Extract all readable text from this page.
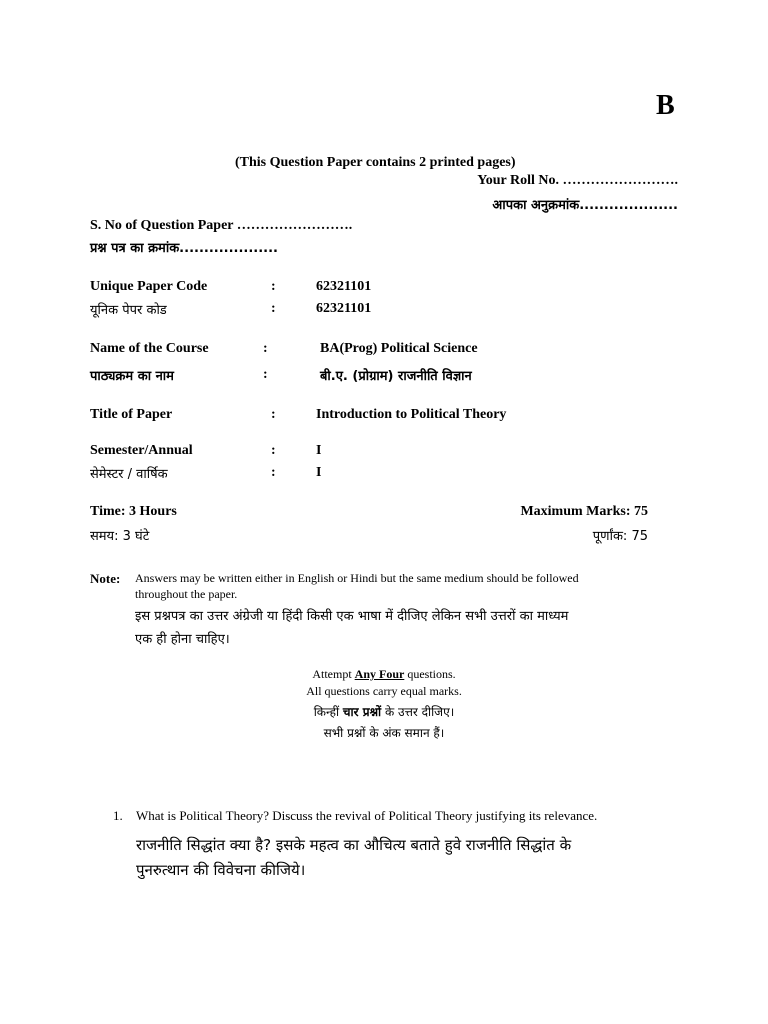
B
(This Question Paper contains 2 printed pages)
Your Roll No. …………………….
आपका अनुक्रमांक....................
S. No of Question Paper …………………….
प्रश्न पत्र का क्रमांक....................
Unique Paper Code	:	62321101
यूनिक पेपर कोड	:	62321101
Name of the Course	:	BA(Prog) Political Science
पाठ्यक्रम का नाम	:	बी.ए. (प्रोग्राम) राजनीति विज्ञान
Title of Paper	:	Introduction to Political Theory
Semester/Annual	:	I
सेमेस्टर / वार्षिक	:	I
Time: 3 Hours	Maximum Marks: 75
समय: 3 घंटे	पूर्णांक: 75
Note: Answers may be written either in English or Hindi but the same medium should be followed
throughout the paper.
इस प्रश्नपत्र का उत्तर अंग्रेजी या हिंदी किसी एक भाषा में दीजिए लेकिन सभी उत्तरों का माध्यम
एक ही होना चाहिए।
Attempt Any Four questions.
All questions carry equal marks.
किन्हीं चार प्रश्नों के उत्तर दीजिए।
सभी प्रश्नों के अंक समान हैं।
1. What is Political Theory? Discuss the revival of Political Theory justifying its relevance.
राजनीति सिद्धांत क्या है? इसके महत्व का औचित्य बताते हुवे राजनीति सिद्धांत के
पुनरुत्थान की विवेचना कीजिये।
